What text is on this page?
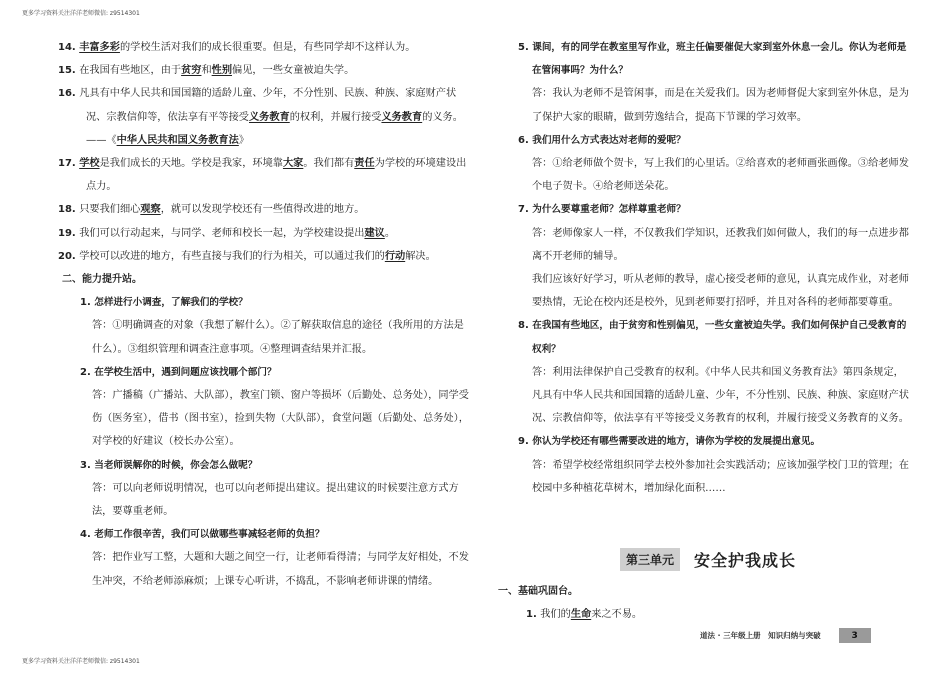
更多学习资料关注洋洋老师微信: z9514301
14. 丰富多彩的学校生活对我们的成长很重要。但是，有些同学却不这样认为。
15. 在我国有些地区，由于贫穷和性别偏见，一些女童被迫失学。
16. 凡具有中华人民共和国国籍的适龄儿童、少年，不分性别、民族、种族、家庭财产状况、宗教信仰等，依法享有平等接受义务教育的权利，并履行接受义务教育的义务。——《中华人民共和国义务教育法》
17. 学校是我们成长的天地。学校是我家，环境靠大家。我们都有责任为学校的环境建设出点力。
18. 只要我们细心观察，就可以发现学校还有一些值得改进的地方。
19. 我们可以行动起来，与同学、老师和校长一起，为学校建设提出建议。
20. 学校可以改进的地方，有些直接与我们的行为相关，可以通过我们的行动解决。
二、能力提升站。
1. 怎样进行小调查，了解我们的学校？
答：①明确调查的对象（我想了解什么）。②了解获取信息的途径（我所用的方法是什么）。③组织管理和调查注意事项。④整理调查结果并汇报。
2. 在学校生活中，遇到问题应该找哪个部门？
答：广播稿（广播站、大队部），教室门锁、窗户等损坏（后勤处、总务处），同学受伤（医务室），借书（图书室），捡到失物（大队部），食堂问题（后勤处、总务处），对学校的好建议（校长办公室）。
3. 当老师误解你的时候，你会怎么做呢？
答：可以向老师说明情况，也可以向老师提出建议。提出建议的时候要注意方式方法，要尊重老师。
4. 老师工作很辛苦，我们可以做哪些事减轻老师的负担？
答：把作业写工整，大题和大题之间空一行，让老师看得清；与同学友好相处，不发生冲突，不给老师添麻烦；上课专心听讲，不捣乱，不影响老师讲课的情绪。
5. 课间，有的同学在教室里写作业，班主任偏要催促大家到室外休息一会儿。你认为老师是在管闲事吗？为什么？
答：我认为老师不是管闲事，而是在关爱我们。因为老师督促大家到室外休息，是为了保护大家的眼睛，做到劳逸结合，提高下节课的学习效率。
6. 我们用什么方式表达对老师的爱呢？
答：①给老师做个贺卡，写上我们的心里话。②给喜欢的老师画张画像。③给老师发个电子贺卡。④给老师送朵花。
7. 为什么要尊重老师？怎样尊重老师？
答：老师像家人一样，不仅教我们学知识，还教我们如何做人，我们的每一点进步都离不开老师的辅导。
我们应该好好学习，听从老师的教导，虚心接受老师的意见，认真完成作业，对老师要热情，无论在校内还是校外，见到老师要打招呼，并且对各科的老师都要尊重。
8. 在我国有些地区，由于贫穷和性别偏见，一些女童被迫失学。我们如何保护自己受教育的权利？
答：利用法律保护自己受教育的权利。《中华人民共和国义务教育法》第四条规定，凡具有中华人民共和国国籍的适龄儿童、少年，不分性别、民族、种族、家庭财产状况、宗教信仰等，依法享有平等接受义务教育的权利，并履行接受义务教育的义务。
9. 你认为学校还有哪些需要改进的地方，请你为学校的发展提出意见。
答：希望学校经常组织同学去校外参加社会实践活动；应该加强学校门卫的管理；在校园中多种植花草树木，增加绿化面积……
第三单元	安全护我成长
一、基础巩固台。
1. 我们的生命来之不易。
道法 · 三年级上册　知识归纳与突破	3
更多学习资料关注洋洋老师微信: z9514301
